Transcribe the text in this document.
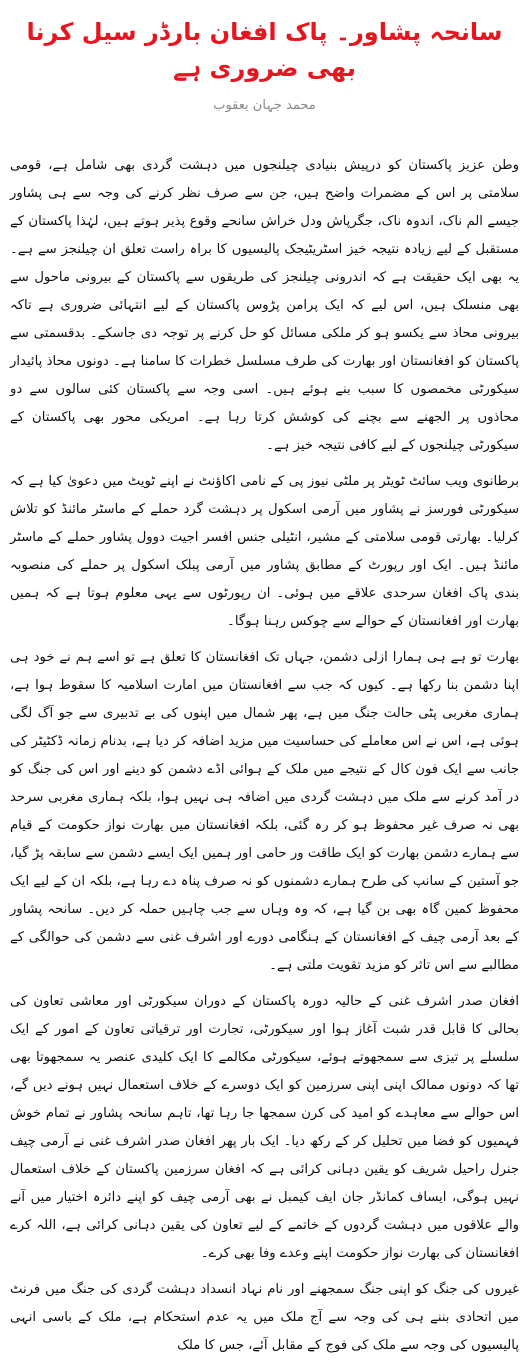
سانحہ پشاور۔ پاک افغان بارڈر سیل کرنا بھی ضروری ہے
محمد جہان یعقوب

وطن عزیز پاکستان کو درپیش بنیادی چیلنجوں میں دہشت گردی بھی شامل ہے، قومی سلامتی پر اس کے مضمرات واضح ہیں، جن سے صرف نظر کرنے کی وجہ سے ہی پشاور جیسے الم ناک، اندوہ ناک، جگرپاش ودل خراش سانحے وقوع پذیر ہوتے ہیں، لہٰذا پاکستان کے مستقبل کے لیے زیادہ نتیجہ خیز اسٹریٹیجک پالیسیوں کا براہ راست تعلق ان چیلنجز سے ہے۔ یہ بھی ایک حقیقت ہے کہ اندرونی چیلنجز کی طریقوں سے پاکستان کے بیرونی ماحول سے بھی منسلک ہیں، اس لیے کہ ایک پرامن پڑوس پاکستان کے لیے انتہائی ضروری ہے تاکہ بیرونی محاذ سے یکسو ہو کر ملکی مسائل کو حل کرنے پر توجہ دی جاسکے۔ بدقسمتی سے پاکستان کو افغانستان اور بھارت کی طرف مسلسل خطرات کا سامنا ہے۔ دونوں محاذ پائیدار سیکورٹی مخمصوں کا سبب بنے ہوئے ہیں۔ اسی وجہ سے پاکستان کئی سالوں سے دو محاذوں پر الجھنے سے بچنے کی کوشش کرتا رہا ہے۔ امریکی محور بھی پاکستان کے سیکورٹی چیلنجوں کے لیے کافی نتیجہ خیز ہے۔

برطانوی ویب سائٹ ٹویٹر پر ملٹی نیوز پی کے نامی اکاؤنٹ نے اپنے ٹویٹ میں دعویٰ کیا ہے کہ سیکورٹی فورسز نے پشاور میں آرمی اسکول پر دہشت گرد حملے کے ماسٹر مائنڈ کو تلاش کرلیا۔ بھارتی قومی سلامتی کے مشیر، انٹیلی جنس افسر اجیت دوول پشاور حملے کے ماسٹر مائنڈ ہیں۔ ایک اور رپورٹ کے مطابق پشاور میں آرمی پبلک اسکول پر حملے کی منصوبہ بندی پاک افغان سرحدی علاقے میں ہوئی۔ ان رپورٹوں سے یہی معلوم ہوتا ہے کہ ہمیں بھارت اور افغانستان کے حوالے سے چوکس رہنا ہوگا۔

بھارت تو ہے ہی ہمارا ازلی دشمن، جہاں تک افغانستان کا تعلق ہے تو اسے ہم نے خود ہی اپنا دشمن بنا رکھا ہے۔ کیوں کہ جب سے افغانستان میں امارت اسلامیہ کا سقوط ہوا ہے، ہماری مغربی پٹی حالت جنگ میں ہے، پھر شمال میں اپنوں کی بے تدبیری سے جو آگ لگی ہوئی ہے، اس نے اس معاملے کی حساسیت میں مزید اضافہ کر دیا ہے، بدنام زمانہ ڈکٹیٹر کی جانب سے ایک فون کال کے نتیجے میں ملک کے ہوائی اڈے دشمن کو دینے اور اس کی جنگ کو در آمد کرنے سے ملک میں دہشت گردی میں اضافہ ہی نہیں ہوا، بلکہ ہماری مغربی سرحد بھی نہ صرف غیر محفوظ ہو کر رہ گئی، بلکہ افغانستان میں بھارت نواز حکومت کے قیام سے ہمارے دشمن بھارت کو ایک طاقت ور حامی اور ہمیں ایک ایسے دشمن سے سابقہ پڑ گیا، جو آستین کے سانپ کی طرح ہمارے دشمنوں کو نہ صرف پناہ دے رہا ہے، بلکہ ان کے لیے ایک محفوظ کمین گاہ بھی بن گیا ہے، کہ وہ وہاں سے جب چاہیں حملہ کر دیں۔ سانحہ پشاور کے بعد آرمی چیف کے افغانستان کے ہنگامی دورے اور اشرف غنی سے دشمن کی حوالگی کے مطالبے سے اس تاثر کو مزید تقویت ملتی ہے۔

افغان صدر اشرف غنی کے حالیہ دورہ پاکستان کے دوران سیکورٹی اور معاشی تعاون کی بحالی کا قابل قدر شبت آغاز ہوا اور سیکورٹی، تجارت اور ترقیاتی تعاون کے امور کے ایک سلسلے پر تیزی سے سمجھوتے ہوئے، سیکورٹی مکالمے کا ایک کلیدی عنصر یہ سمجھوتا بھی تھا کہ دونوں ممالک اپنی اپنی سرزمین کو ایک دوسرے کے خلاف استعمال نہیں ہونے دیں گے، اس حوالے سے معاہدے کو امید کی کرن سمجھا جا رہا تھا، تاہم سانحہ پشاور نے تمام خوش فہمیوں کو فضا میں تحلیل کر کے رکھ دیا۔ ایک بار پھر افغان صدر اشرف غنی نے آرمی چیف جنرل راحیل شریف کو یقین دہانی کرائی ہے کہ افغان سرزمین پاکستان کے خلاف استعمال نہیں ہوگی، ایساف کمانڈر جان ایف کیمبل نے بھی آرمی چیف کو اپنے دائرہ اختیار میں آنے والے علاقوں میں دہشت گردوں کے خاتمے کے لیے تعاون کی یقین دہانی کرائی ہے، اللہ کرے افغانستان کی بھارت نواز حکومت اپنے وعدے وفا بھی کرے۔

غیروں کی جنگ کو اپنی جنگ سمجھنے اور نام نہاد انسداد دہشت گردی کی جنگ میں فرنٹ میں اتحادی بننے ہی کی وجہ سے آج ملک میں یہ عدم استحکام ہے، ملک کے باسی انہی پالیسیوں کی وجہ سے ملک کی فوج کے مقابل آئے، جس کا ملک
